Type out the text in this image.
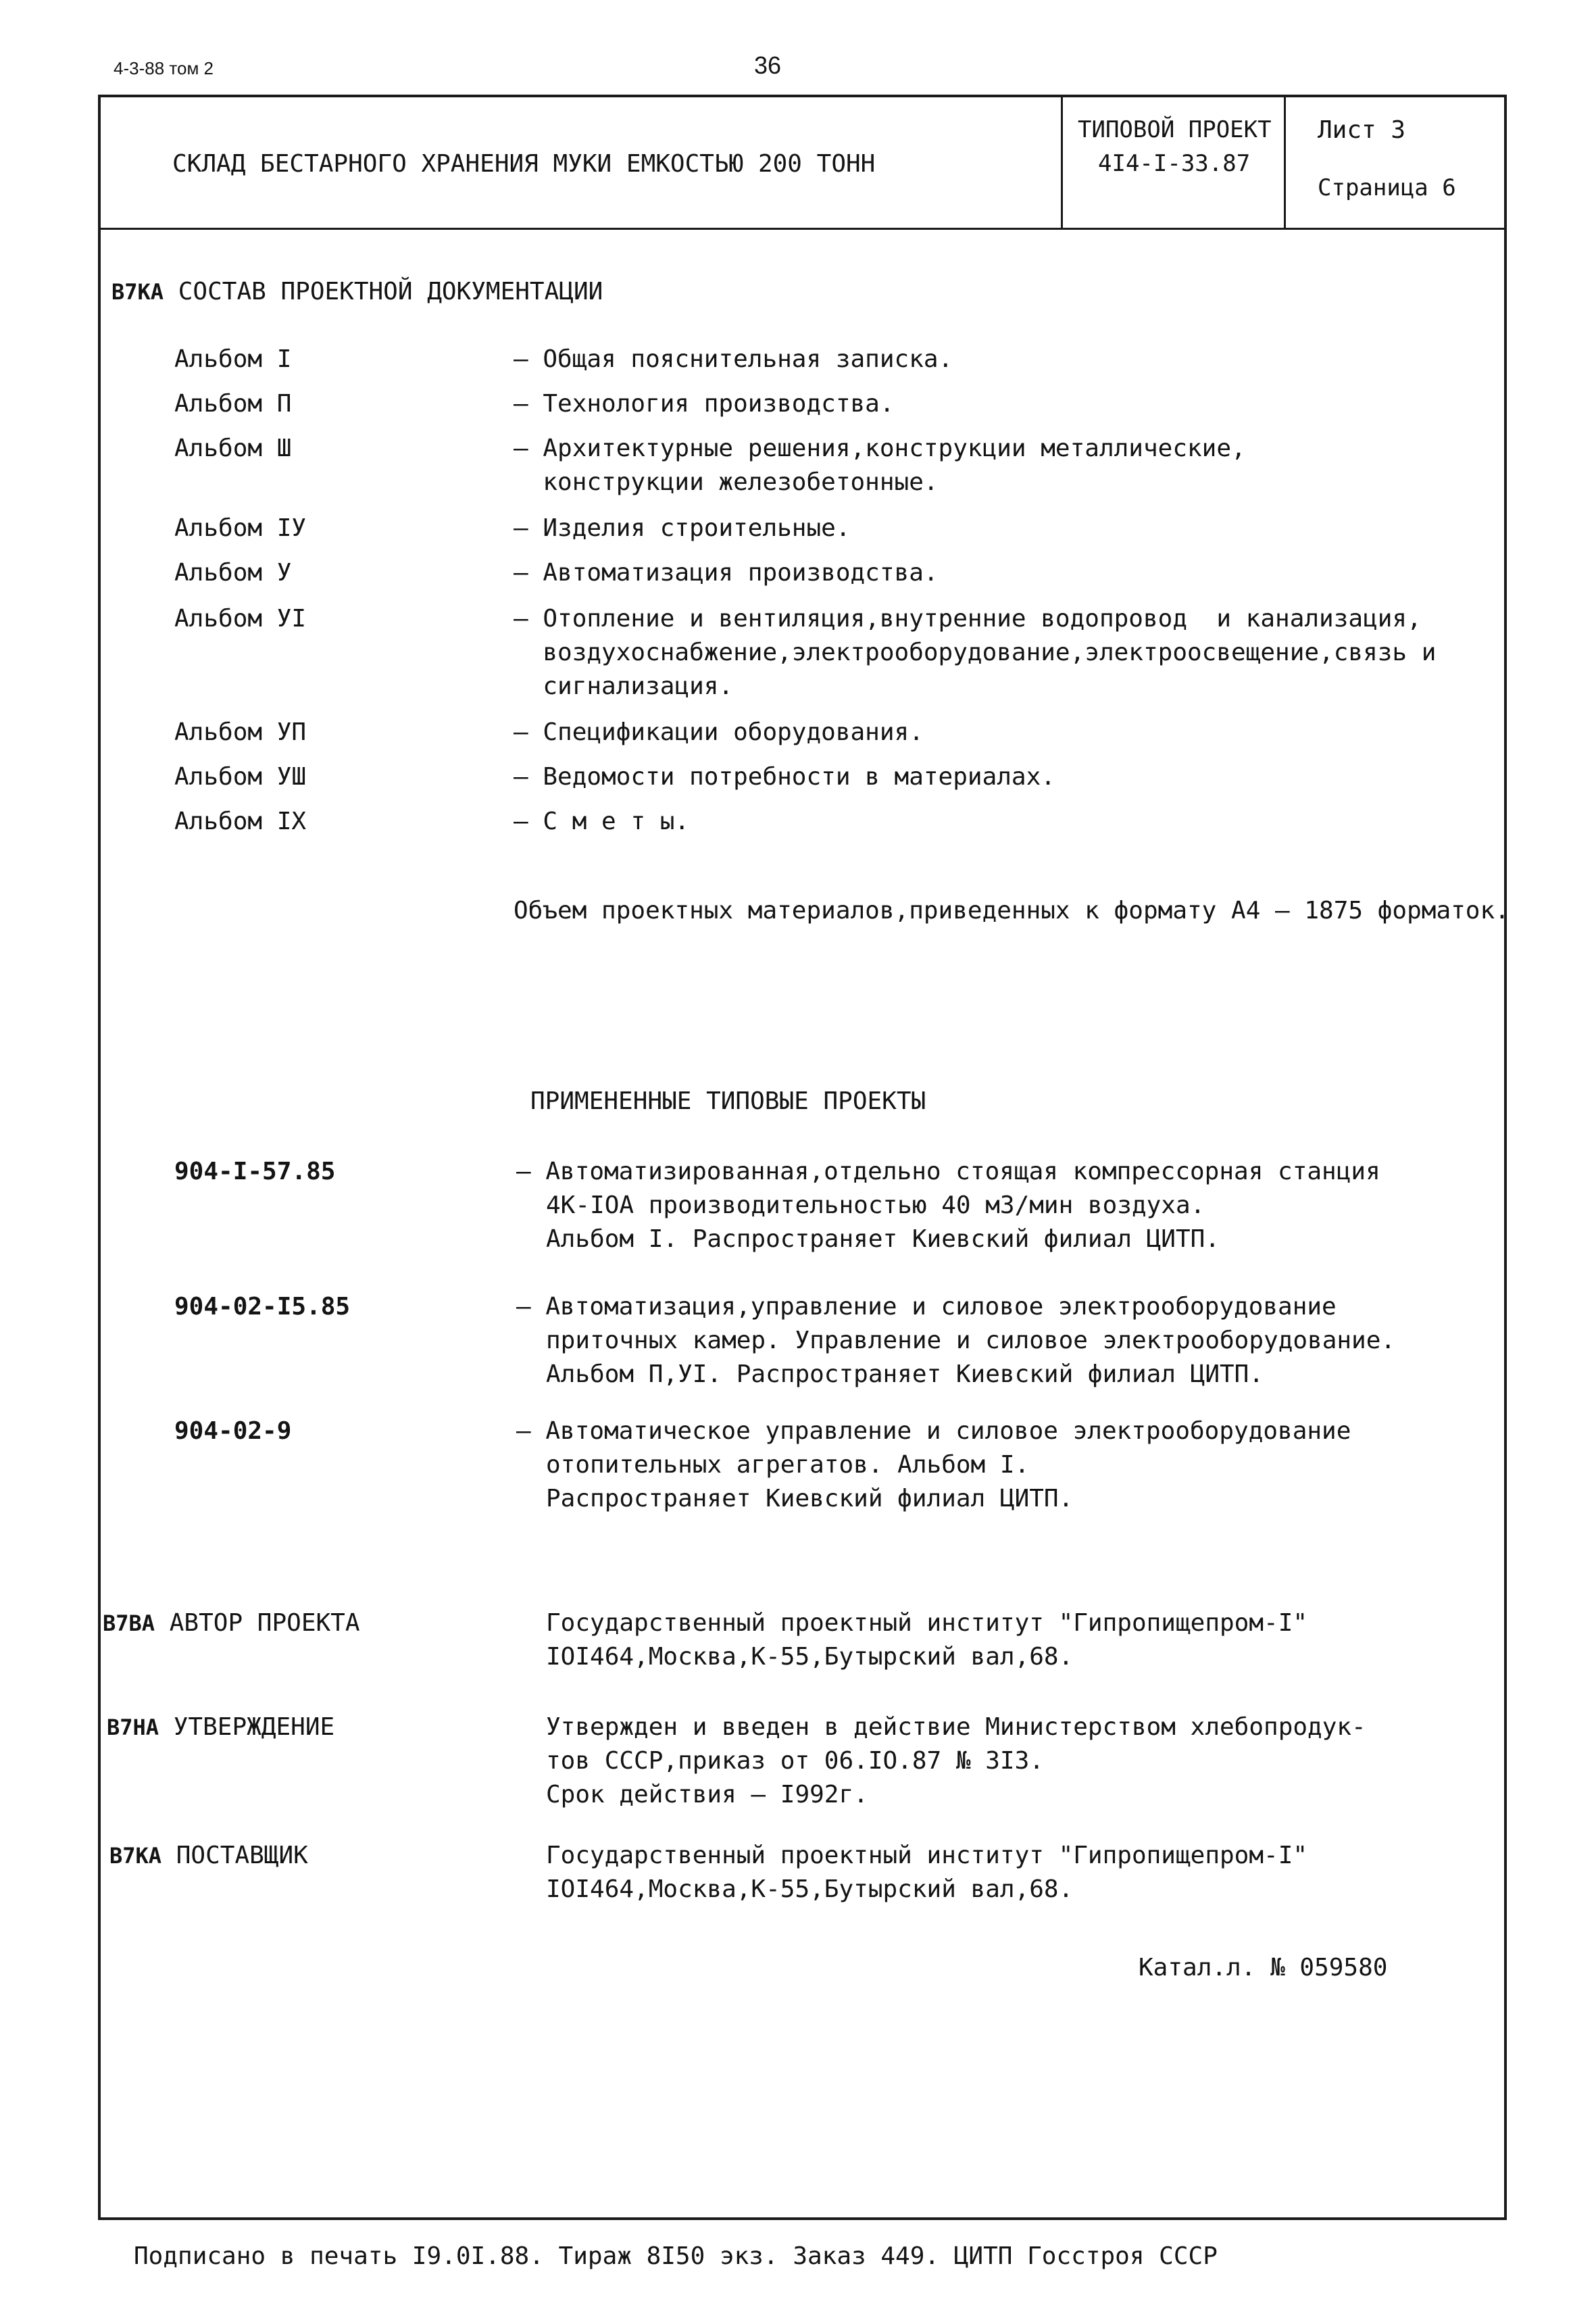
4-3-88 том 2	36
СКЛАД БЕСТАРНОГО ХРАНЕНИЯ МУКИ ЕМКОСТЬЮ 200 ТОНН
ТИПОВОЙ ПРОЕКТ
4I4-I-33.87
Лист 3
Страница 6
В7КА СОСТАВ ПРОЕКТНОЙ ДОКУМЕНТАЦИИ
Альбом I	– Общая пояснительная записка.
Альбом П	– Технология производства.
Альбом Ш	– Архитектурные решения,конструкции металлические,
конструкции железобетонные.
Альбом IУ	– Изделия строительные.
Альбом У	– Автоматизация производства.
Альбом УI	– Отопление и вентиляция,внутренние водопровод  и канализация,
воздухоснабжение,электрооборудование,электроосвещение,связь и
сигнализация.
Альбом УП	– Спецификации оборудования.
Альбом УШ	– Ведомости потребности в материалах.
Альбом IX	– С м е т ы.
Объем проектных материалов,приведенных к формату А4 – 1875 форматок.
ПРИМЕНЕННЫЕ ТИПОВЫЕ ПРОЕКТЫ
904-I-57.85	– Автоматизированная,отдельно стоящая компрессорная станция
4К-IOA производительностью 40 м3/мин воздуха.
Альбом I. Распространяет Киевский филиал ЦИТП.
904-02-I5.85	– Автоматизация,управление и силовое электрооборудование
приточных камер. Управление и силовое электрооборудование.
Альбом П,УI. Распространяет Киевский филиал ЦИТП.
904-02-9	– Автоматическое управление и силовое электрооборудование
отопительных агрегатов. Альбом I.
Распространяет Киевский филиал ЦИТП.
В7ВА АВТОР ПРОЕКТА	Государственный проектный институт "Гипропищепром-I"
IOI464,Москва,К-55,Бутырский вал,68.
В7НА УТВЕРЖДЕНИЕ	Утвержден и введен в действие Министерством хлебопродук-
тов СССР,приказ от 06.IO.87 № 3I3.
Срок действия – I992г.
В7КА ПОСТАВЩИК	Государственный проектный институт "Гипропищепром-I"
IOI464,Москва,К-55,Бутырский вал,68.
Катал.л. № 059580
Подписано в печать I9.0I.88. Тираж 8I50 экз. Заказ 449. ЦИТП Госстроя СССР
